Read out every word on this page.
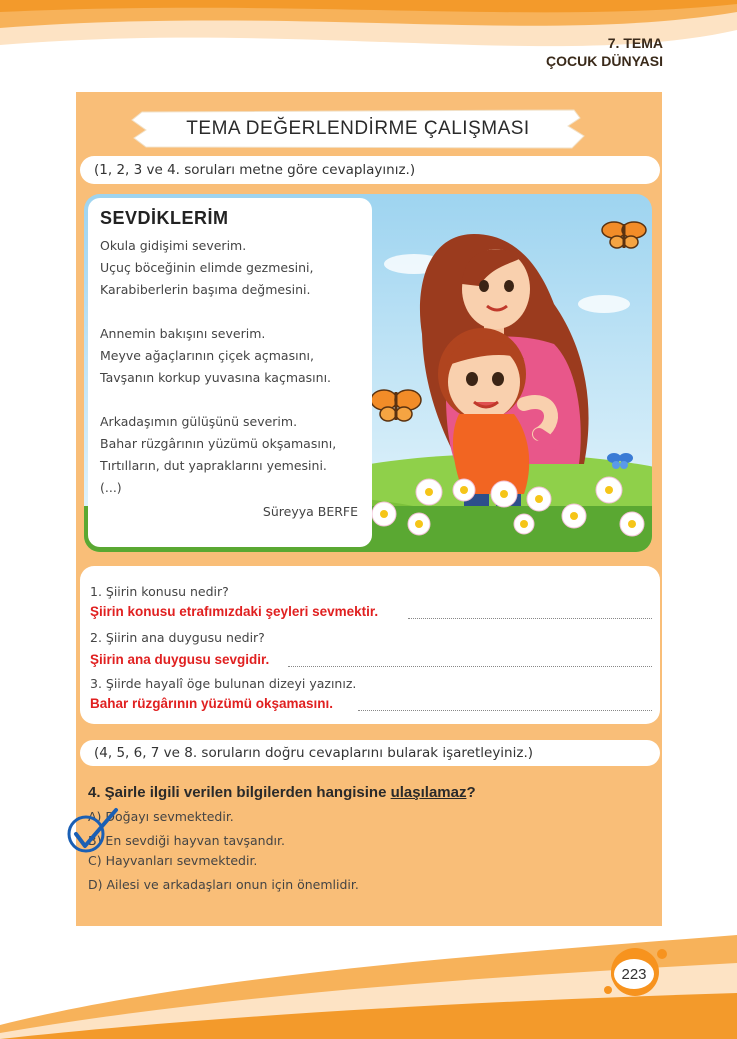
7. TEMA
ÇOCUK DÜNYASI
TEMA DEĞERLENDİRME ÇALIŞMASI
(1, 2, 3 ve 4. soruları metne göre cevaplayınız.)
SEVDİKLERİM
Okula gidişimi severim.
Uçuç böceğinin elimde gezmesini,
Karabiberlerin başıma değmesini.
Annemin bakışını severim.
Meyve ağaçlarının çiçek açmasını,
Tavşanın korkup yuvasına kaçmasını.
Arkadaşımın gülüşünü severim.
Bahar rüzgârının yüzümü okşamasını,
Tırtılların, dut yapraklarını yemesini.
(...)
Süreyya BERFE
1. Şiirin konusu nedir?
Şiirin konusu etrafımızdaki şeyleri sevmektir.
2. Şiirin ana duygusu nedir?
Şiirin ana duygusu sevgidir.
3. Şiirde hayalî öge bulunan dizeyi yazınız.
Bahar rüzgârının yüzümü okşamasını.
(4, 5, 6, 7 ve 8. soruların doğru cevaplarını bularak işaretleyiniz.)
4. Şairle ilgili verilen bilgilerden hangisine ulaşılamaz?
A) Doğayı sevmektedir.
B) En sevdiği hayvan tavşandır.
C) Hayvanları sevmektedir.
D) Ailesi ve arkadaşları onun için önemlidir.
223
